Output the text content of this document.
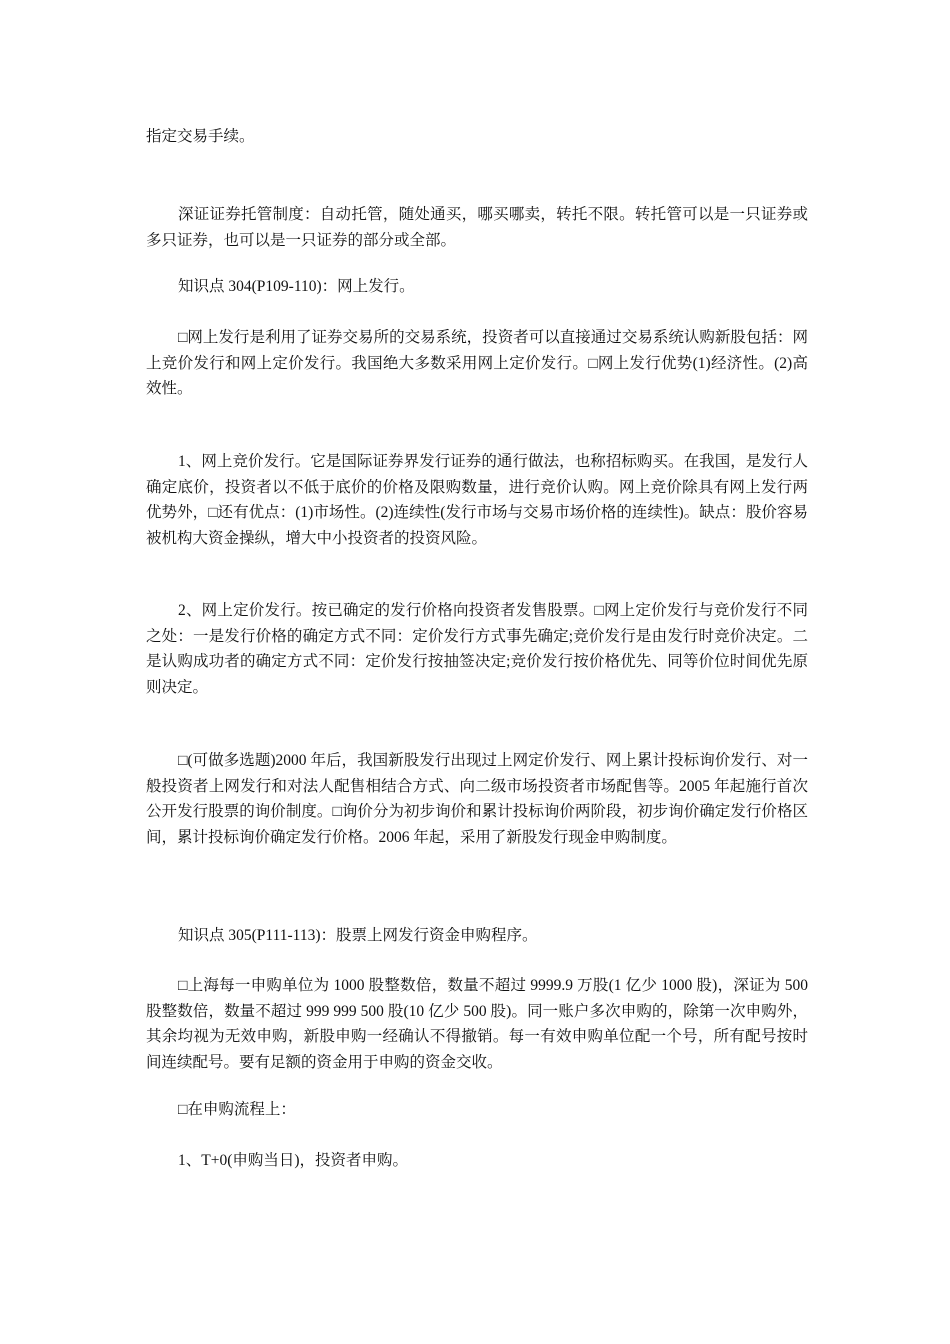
指定交易手续。

深证证券托管制度：自动托管，随处通买，哪买哪卖，转托不限。转托管可以是一只证券或多只证券，也可以是一只证券的部分或全部。

知识点 304(P109-110)：网上发行。

□网上发行是利用了证券交易所的交易系统，投资者可以直接通过交易系统认购新股包括：网上竞价发行和网上定价发行。我国绝大多数采用网上定价发行。□网上发行优势(1)经济性。(2)高效性。

1、网上竞价发行。它是国际证券界发行证券的通行做法，也称招标购买。在我国，是发行人确定底价，投资者以不低于底价的价格及限购数量，进行竞价认购。网上竞价除具有网上发行两优势外，□还有优点：(1)市场性。(2)连续性(发行市场与交易市场价格的连续性)。缺点：股价容易被机构大资金操纵，增大中小投资者的投资风险。

2、网上定价发行。按已确定的发行价格向投资者发售股票。□网上定价发行与竞价发行不同之处：一是发行价格的确定方式不同：定价发行方式事先确定;竞价发行是由发行时竞价决定。二是认购成功者的确定方式不同：定价发行按抽签决定;竞价发行按价格优先、同等价位时间优先原则决定。

□(可做多选题)2000 年后，我国新股发行出现过上网定价发行、网上累计投标询价发行、对一般投资者上网发行和对法人配售相结合方式、向二级市场投资者市场配售等。2005 年起施行首次公开发行股票的询价制度。□询价分为初步询价和累计投标询价两阶段，初步询价确定发行价格区间，累计投标询价确定发行价格。2006 年起，采用了新股发行现金申购制度。

知识点 305(P111-113)：股票上网发行资金申购程序。

□上海每一申购单位为 1000 股整数倍，数量不超过 9999.9 万股(1 亿少 1000 股)，深证为 500 股整数倍，数量不超过 999 999 500 股(10 亿少 500 股)。同一账户多次申购的，除第一次申购外，其余均视为无效申购，新股申购一经确认不得撤销。每一有效申购单位配一个号，所有配号按时间连续配号。要有足额的资金用于申购的资金交收。

□在申购流程上：

1、T+0(申购当日)，投资者申购。
